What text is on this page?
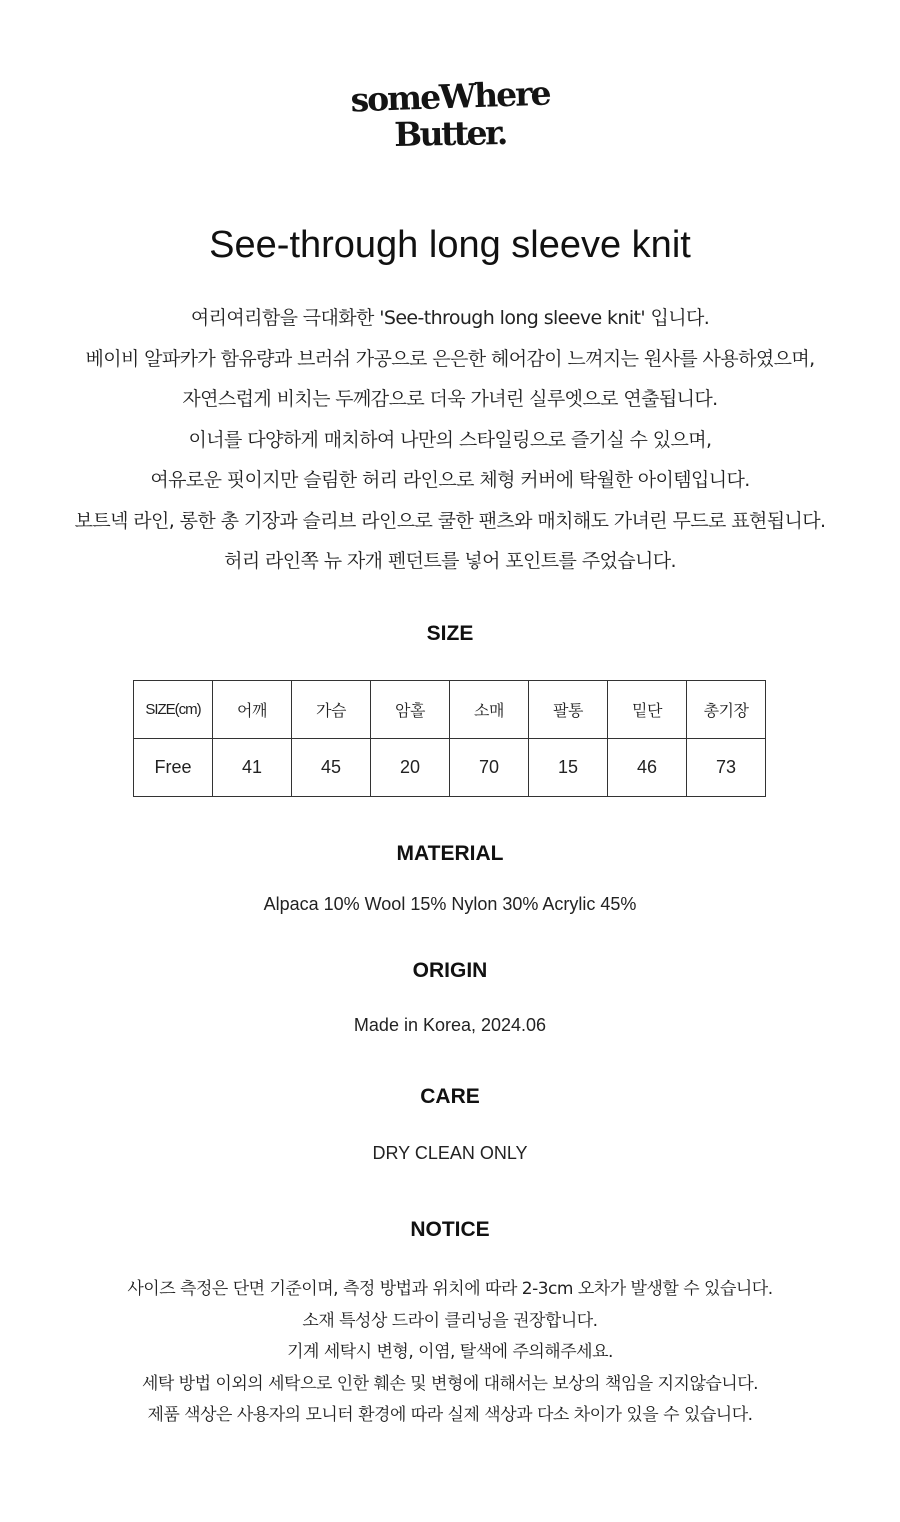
someWhere
Butter.
See-through long sleeve knit
여리여리함을 극대화한 'See-through long sleeve knit' 입니다.
베이비 알파카가 함유량과 브러쉬 가공으로 은은한 헤어감이 느껴지는 원사를 사용하였으며,
자연스럽게 비치는 두께감으로 더욱 가녀린 실루엣으로 연출됩니다.
이너를 다양하게 매치하여 나만의 스타일링으로 즐기실 수 있으며,
여유로운 핏이지만 슬림한 허리 라인으로 체형 커버에 탁월한 아이템입니다.
보트넥 라인, 롱한 총 기장과 슬리브 라인으로 쿨한 팬츠와 매치해도 가녀린 무드로 표현됩니다.
허리 라인쪽 뉴 자개 펜던트를 넣어 포인트를 주었습니다.
SIZE
SIZE(cm)	어깨	가슴	암홀	소매	팔통	밑단	총기장
Free	41	45	20	70	15	46	73
MATERIAL
Alpaca 10% Wool 15% Nylon 30% Acrylic 45%
ORIGIN
Made in Korea, 2024.06
CARE
DRY CLEAN ONLY
NOTICE
사이즈 측정은 단면 기준이며, 측정 방법과 위치에 따라 2-3cm 오차가 발생할 수 있습니다.
소재 특성상 드라이 클리닝을 권장합니다.
기계 세탁시 변형, 이염, 탈색에 주의해주세요.
세탁 방법 이외의 세탁으로 인한 훼손 및 변형에 대해서는 보상의 책임을 지지않습니다.
제품 색상은 사용자의 모니터 환경에 따라 실제 색상과 다소 차이가 있을 수 있습니다.
